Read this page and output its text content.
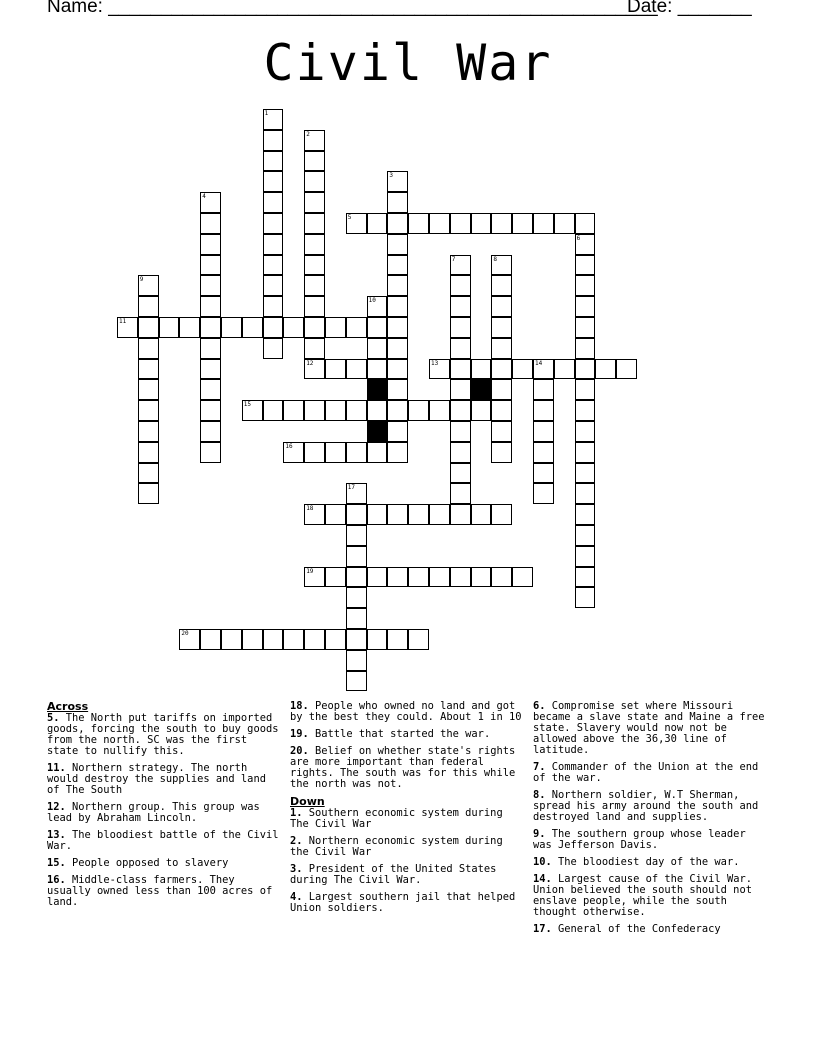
Name: ____________________________________________________
Date: _______
Civil War
1
2
3
4
5
6
7	8
9
10
11
12	13	14
15
16
17
18
19
20
Across
5. The North put tariffs on imported goods, forcing the south to buy goods from the north. SC was the first state to nullify this.
11. Northern strategy. The north would destroy the supplies and land of The South
12. Northern group. This group was lead by Abraham Lincoln.
13. The bloodiest battle of the Civil War.
15. People opposed to slavery
16. Middle-class farmers. They usually owned less than 100 acres of land.
18. People who owned no land and got by the best they could. About 1 in 10
19. Battle that started the war.
20. Belief on whether state's rights are more important than federal rights. The south was for this while the north was not.
Down
1. Southern economic system during The Civil War
2. Northern economic system during the Civil War
3. President of the United States during The Civil War.
4. Largest southern jail that helped Union soldiers.
6. Compromise set where Missouri became a slave state and Maine a free state. Slavery would now not be allowed above the 36,30 line of latitude.
7. Commander of the Union at the end of the war.
8. Northern soldier, W.T Sherman, spread his army around the south and destroyed land and supplies.
9. The southern group whose leader was Jefferson Davis.
10. The bloodiest day of the war.
14. Largest cause of the Civil War. Union believed the south should not enslave people, while the south thought otherwise.
17. General of the Confederacy
